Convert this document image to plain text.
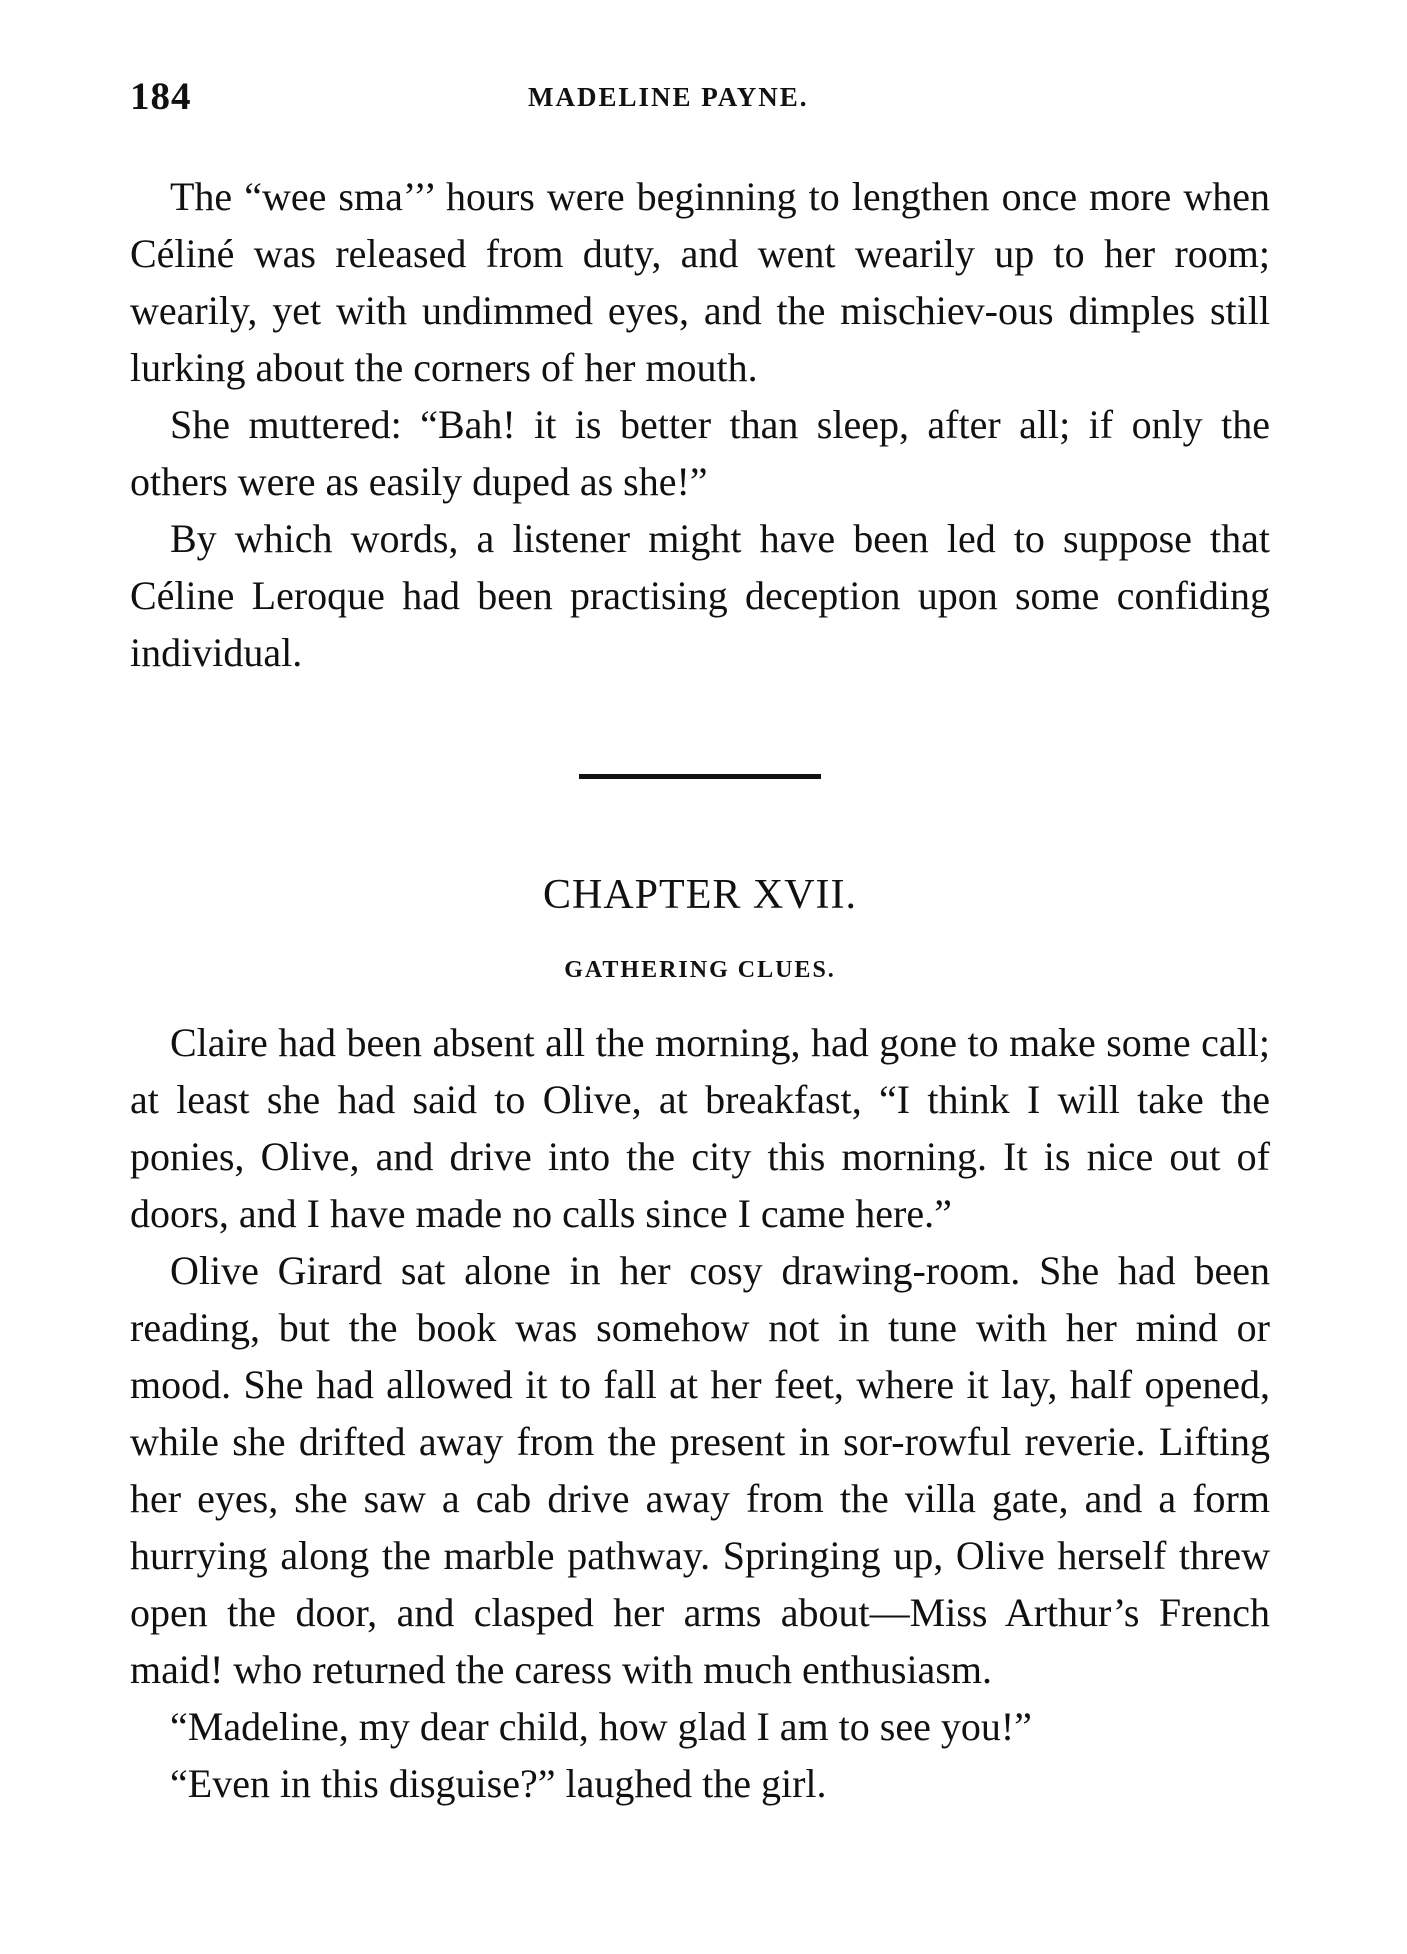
184	MADELINE PAYNE.

The “wee sma’’’ hours were beginning to lengthen once more when Céliné was released from duty, and went wearily up to her room; wearily, yet with undimmed eyes, and the mischiev-ous dimples still lurking about the corners of her mouth.

She muttered: “Bah! it is better than sleep, after all; if only the others were as easily duped as she!”

By which words, a listener might have been led to suppose that Céline Leroque had been practising deception upon some confiding individual.

CHAPTER XVII.
GATHERING CLUES.

Claire had been absent all the morning, had gone to make some call; at least she had said to Olive, at breakfast, “I think I will take the ponies, Olive, and drive into the city this morning. It is nice out of doors, and I have made no calls since I came here.”

Olive Girard sat alone in her cosy drawing-room. She had been reading, but the book was somehow not in tune with her mind or mood. She had allowed it to fall at her feet, where it lay, half opened, while she drifted away from the present in sor-rowful reverie. Lifting her eyes, she saw a cab drive away from the villa gate, and a form hurrying along the marble pathway. Springing up, Olive herself threw open the door, and clasped her arms about—Miss Arthur’s French maid! who returned the caress with much enthusiasm.

“Madeline, my dear child, how glad I am to see you!”

“Even in this disguise?” laughed the girl.
